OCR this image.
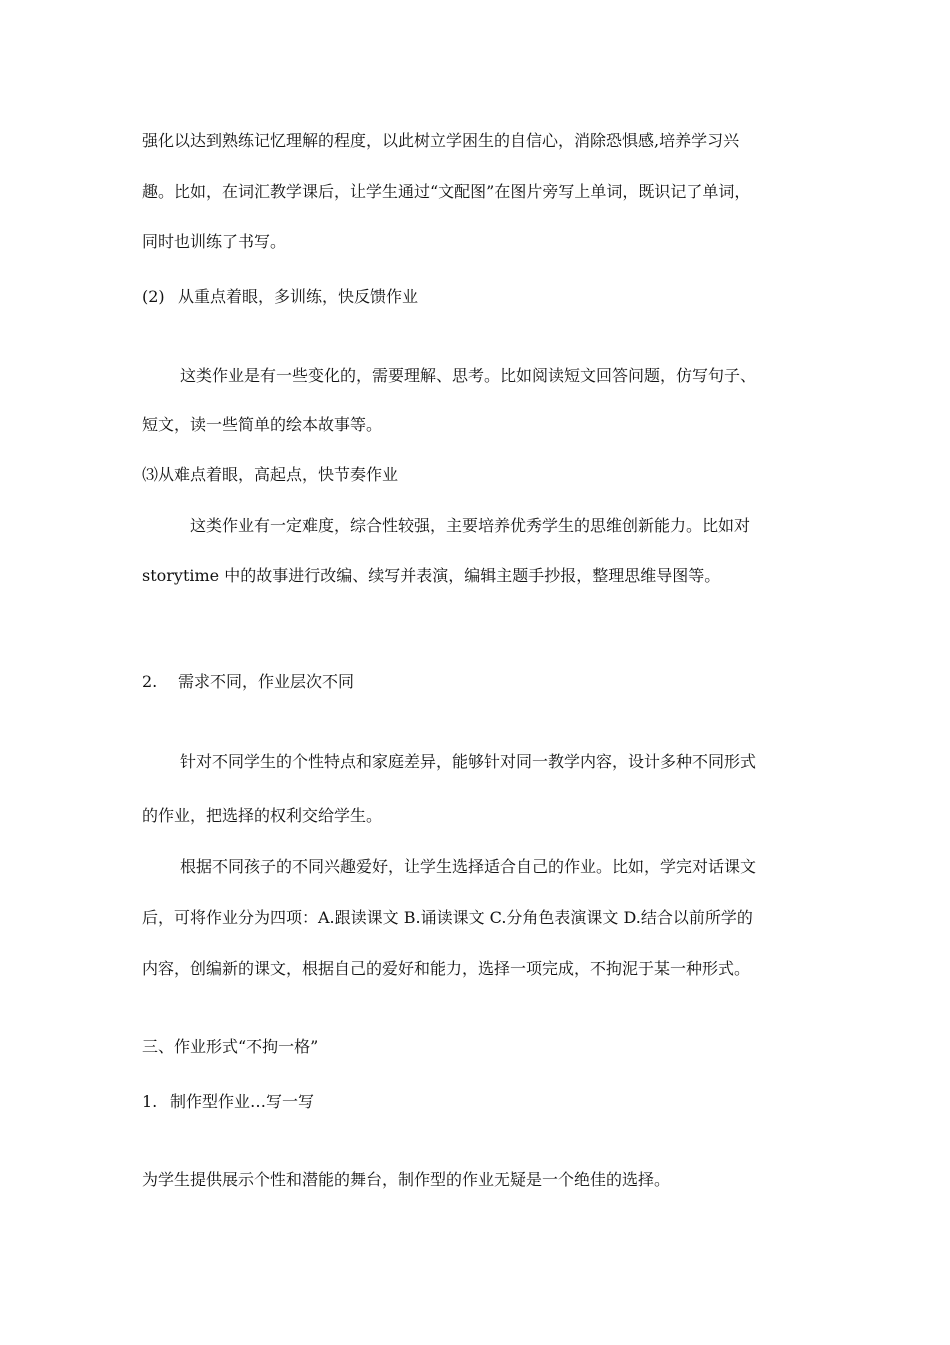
强化以达到熟练记忆理解的程度，以此树立学困生的自信心，消除恐惧感,培养学习兴
趣。比如，在词汇教学课后，让学生通过“文配图”在图片旁写上单词，既识记了单词，
同时也训练了书写。
(2) 从重点着眼，多训练，快反馈作业
这类作业是有一些变化的，需要理解、思考。比如阅读短文回答问题，仿写句子、
短文，读一些简单的绘本故事等。
⑶从难点着眼，高起点，快节奏作业
这类作业有一定难度，综合性较强，主要培养优秀学生的思维创新能力。比如对
storytime 中的故事进行改编、续写并表演，编辑主题手抄报，整理思维导图等。
2. 需求不同，作业层次不同
针对不同学生的个性特点和家庭差异，能够针对同一教学内容，设计多种不同形式
的作业，把选择的权利交给学生。
根据不同孩子的不同兴趣爱好，让学生选择适合自己的作业。比如，学完对话课文
后，可将作业分为四项：A.跟读课文 B.诵读课文 C.分角色表演课文 D.结合以前所学的
内容，创编新的课文，根据自己的爱好和能力，选择一项完成，不拘泥于某一种形式。
三、作业形式“不拘一格”
1. 制作型作业…写一写
为学生提供展示个性和潜能的舞台，制作型的作业无疑是一个绝佳的选择。
